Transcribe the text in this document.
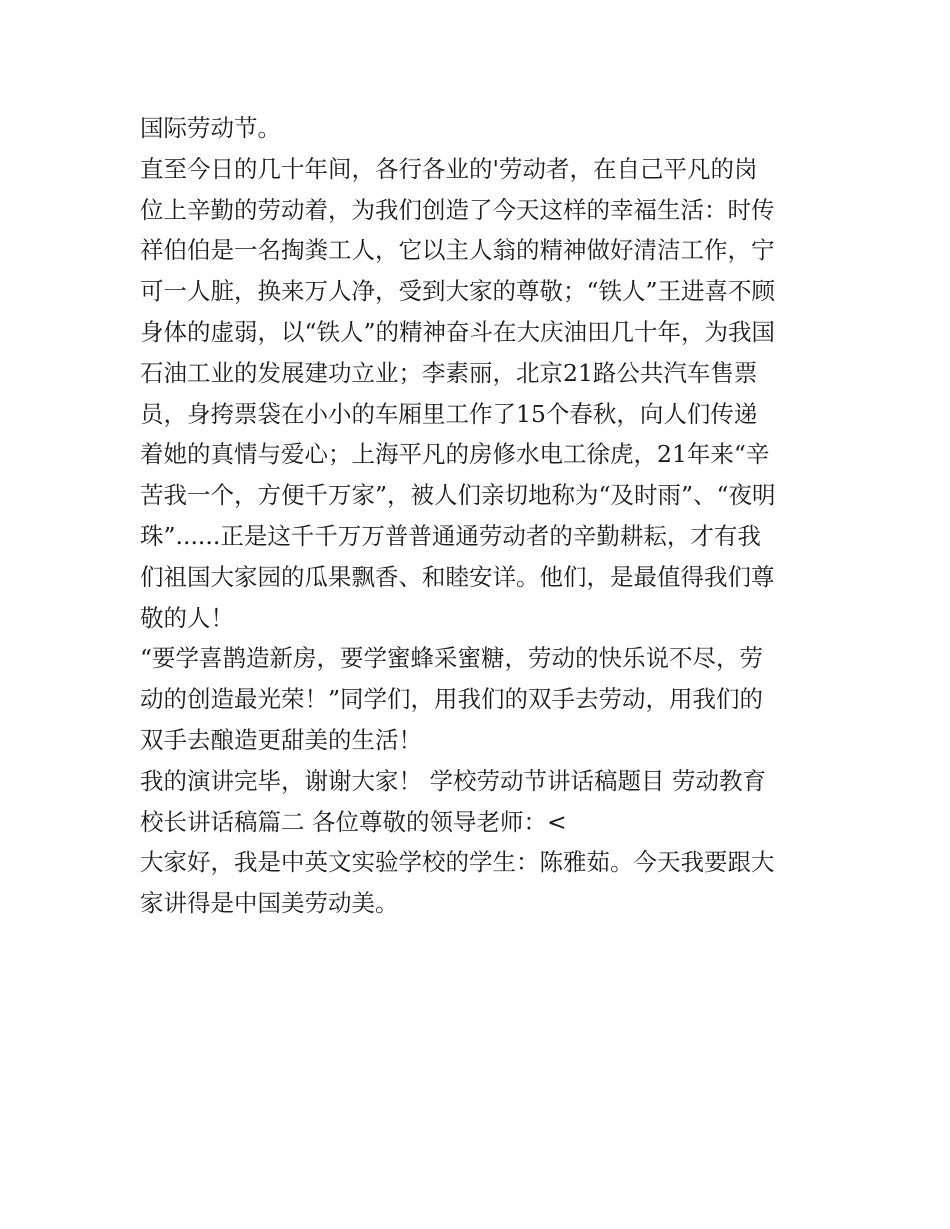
国际劳动节。
直至今日的几十年间，各行各业的'劳动者，在自己平凡的岗
位上辛勤的劳动着，为我们创造了今天这样的幸福生活：时传
祥伯伯是一名掏粪工人，它以主人翁的精神做好清洁工作，宁
可一人脏，换来万人净，受到大家的尊敬；“铁人”王进喜不顾
身体的虚弱，以“铁人”的精神奋斗在大庆油田几十年，为我国
石油工业的发展建功立业；李素丽，北京21路公共汽车售票
员，身挎票袋在小小的车厢里工作了15个春秋，向人们传递
着她的真情与爱心；上海平凡的房修水电工徐虎，21年来“辛
苦我一个，方便千万家”，被人们亲切地称为“及时雨”、“夜明
珠”......正是这千千万万普普通通劳动者的辛勤耕耘，才有我
们祖国大家园的瓜果飘香、和睦安详。他们，是最值得我们尊
敬的人！
“要学喜鹊造新房，要学蜜蜂采蜜糖，劳动的快乐说不尽，劳
动的创造最光荣！”同学们，用我们的双手去劳动，用我们的
双手去酿造更甜美的生活！
我的演讲完毕，谢谢大家！ 学校劳动节讲话稿题目 劳动教育
校长讲话稿篇二 各位尊敬的领导老师：<
大家好，我是中英文实验学校的学生：陈雅茹。今天我要跟大
家讲得是中国美劳动美。
